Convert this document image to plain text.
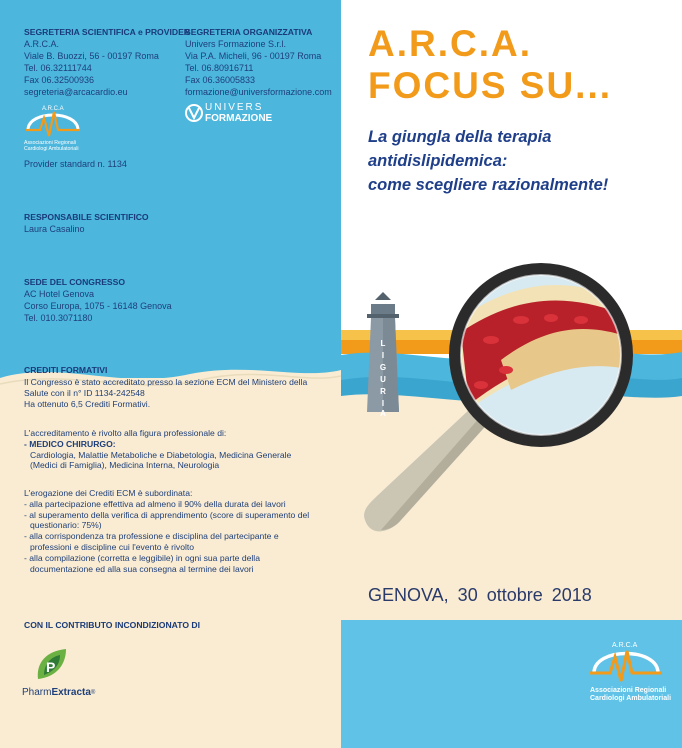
SEGRETERIA SCIENTIFICA e PROVIDER
A.R.C.A.
Viale B. Buozzi, 56 - 00197 Roma
Tel. 06.32111744
Fax 06.32500936
segreteria@arcacardio.eu
A.R.C.A
Associazioni Regionali
Cardiologi Ambulatoriali
SEGRETERIA ORGANIZZATIVA
Univers Formazione S.r.l.
Via P.A. Micheli, 96 - 00197 Roma
Tel. 06.80916711
Fax 06.36005833
formazione@universformazione.com
UNIVERS
FORMAZIONE
Provider standard n. 1134
RESPONSABILE SCIENTIFICO
Laura Casalino
SEDE DEL CONGRESSO
AC Hotel Genova
Corso Europa, 1075 - 16148 Genova
Tel. 010.3071180
CREDITI FORMATIVI
Il Congresso è stato accreditato presso la sezione ECM del Ministero della
Salute con il n° ID 1134-242548
Ha ottenuto 6,5 Crediti Formativi.
L'accreditamento è rivolto alla figura professionale di:
- MEDICO CHIRURGO:
Cardiologia, Malattie Metaboliche e Diabetologia, Medicina Generale
(Medici di Famiglia), Medicina Interna, Neurologia
L'erogazione dei Crediti ECM è subordinata:
- alla partecipazione effettiva ad almeno il 90% della durata dei lavori
- al superamento della verifica di apprendimento (score di superamento del
questionario: 75%)
- alla corrispondenza tra professione e disciplina del partecipante e
professioni e discipline cui l'evento è rivolto
- alla compilazione (corretta e leggibile) in ogni sua parte della
documentazione ed alla sua consegna al termine dei lavori
CON IL CONTRIBUTO INCONDIZIONATO DI
P
PharmExtracta®
L
I
G
U
R
I
A
A.R.C.A.
FOCUS SU...
La giungla della terapia
antidislipidemica:
come scegliere razionalmente!
GENOVA, 30 ottobre 2018
A.R.C.A
Associazioni Regionali
Cardiologi Ambulatoriali
